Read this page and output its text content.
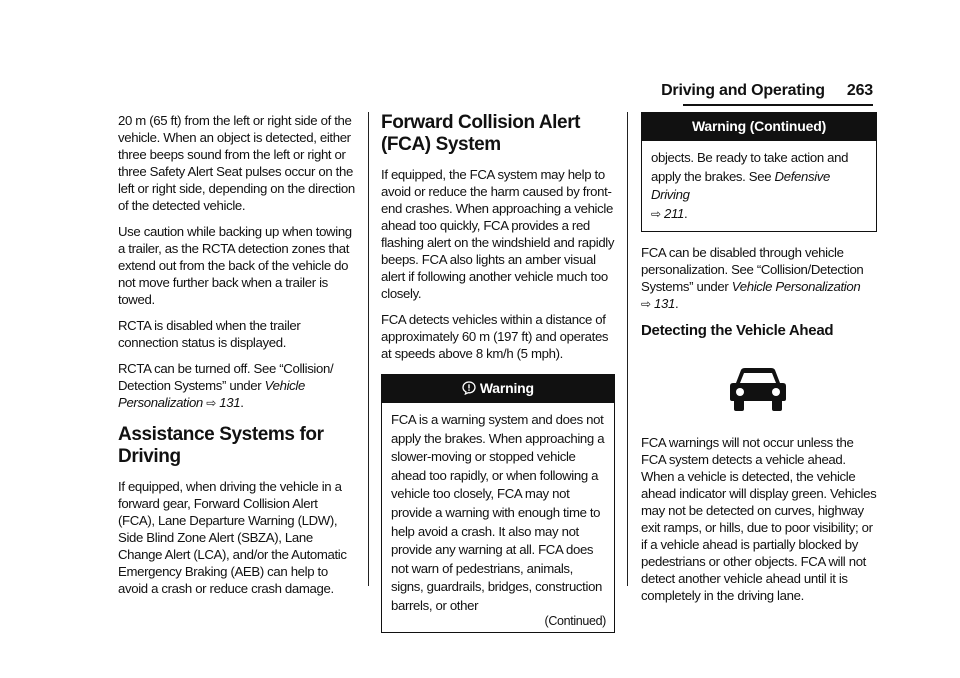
Driving and Operating 263

20 m (65 ft) from the left or right side of the vehicle. When an object is detected, either three beeps sound from the left or right or three Safety Alert Seat pulses occur on the left or right side, depending on the direction of the detected vehicle.

Use caution while backing up when towing a trailer, as the RCTA detection zones that extend out from the back of the vehicle do not move further back when a trailer is towed.

RCTA is disabled when the trailer connection status is displayed.

RCTA can be turned off. See “Collision/ Detection Systems” under Vehicle Personalization ⇨ 131.

Assistance Systems for Driving

If equipped, when driving the vehicle in a forward gear, Forward Collision Alert (FCA), Lane Departure Warning (LDW), Side Blind Zone Alert (SBZA), Lane Change Alert (LCA), and/or the Automatic Emergency Braking (AEB) can help to avoid a crash or reduce crash damage.

Forward Collision Alert (FCA) System

If equipped, the FCA system may help to avoid or reduce the harm caused by front-end crashes. When approaching a vehicle ahead too quickly, FCA provides a red flashing alert on the windshield and rapidly beeps. FCA also lights an amber visual alert if following another vehicle much too closely.

FCA detects vehicles within a distance of approximately 60 m (197 ft) and operates at speeds above 8 km/h (5 mph).

Warning
FCA is a warning system and does not apply the brakes. When approaching a slower-moving or stopped vehicle ahead too rapidly, or when following a vehicle too closely, FCA may not provide a warning with enough time to help avoid a crash. It also may not provide any warning at all. FCA does not warn of pedestrians, animals, signs, guardrails, bridges, construction barrels, or other
(Continued)
Warning (Continued)
objects. Be ready to take action and apply the brakes. See Defensive Driving
⇨ 211.

FCA can be disabled through vehicle personalization. See “Collision/Detection Systems” under Vehicle Personalization
⇨ 131.

Detecting the Vehicle Ahead

FCA warnings will not occur unless the FCA system detects a vehicle ahead. When a vehicle is detected, the vehicle ahead indicator will display green. Vehicles may not be detected on curves, highway exit ramps, or hills, due to poor visibility; or if a vehicle ahead is partially blocked by pedestrians or other objects. FCA will not detect another vehicle ahead until it is completely in the driving lane.
